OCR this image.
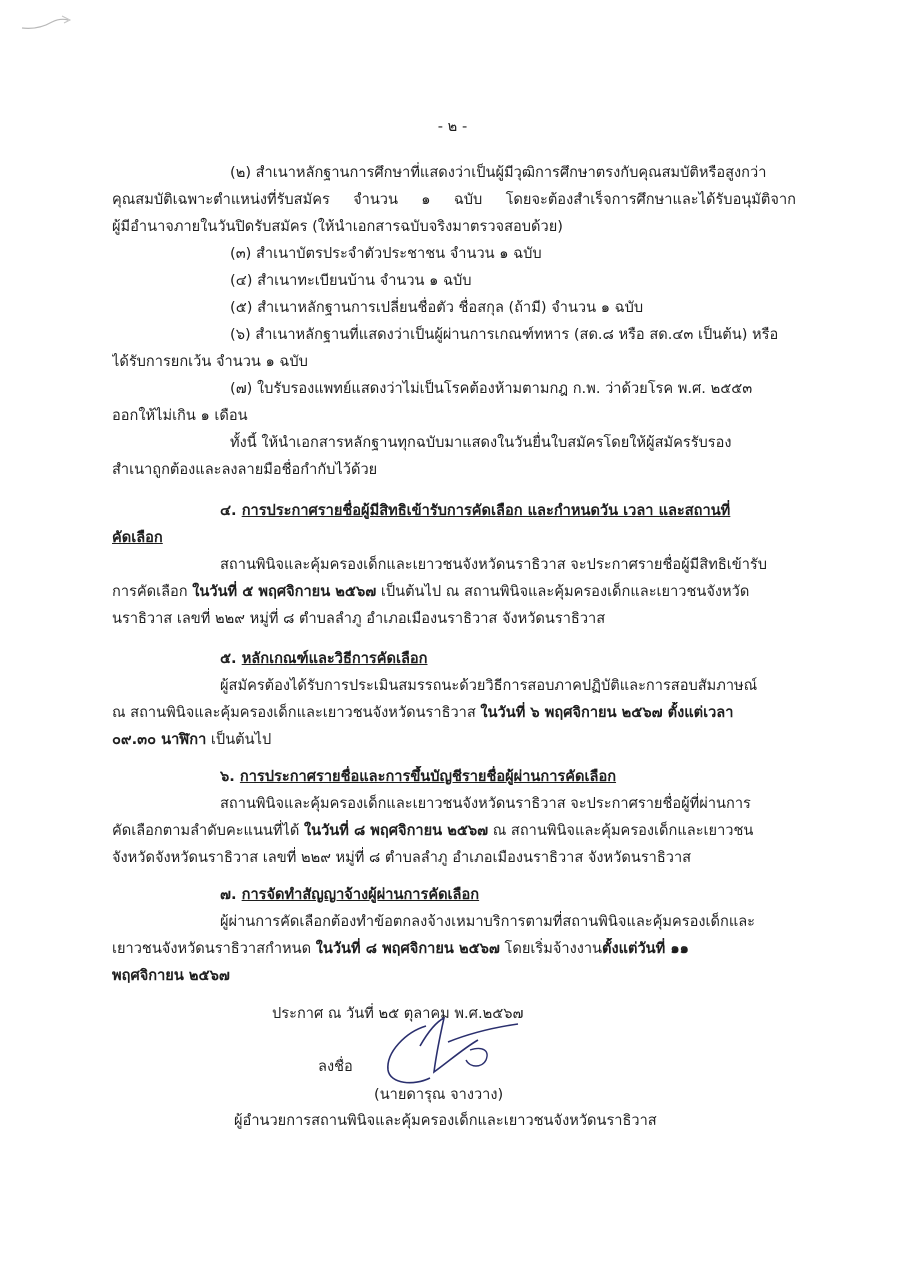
- ๒ -
(๒) สำเนาหลักฐานการศึกษาที่แสดงว่าเป็นผู้มีวุฒิการศึกษาตรงกับคุณสมบัติหรือสูงกว่า
คุณสมบัติเฉพาะตำแหน่งที่รับสมัคร จำนวน ๑ ฉบับ โดยจะต้องสำเร็จการศึกษาและได้รับอนุมัติจาก
ผู้มีอำนาจภายในวันปิดรับสมัคร (ให้นำเอกสารฉบับจริงมาตรวจสอบด้วย)
(๓) สำเนาบัตรประจำตัวประชาชน จำนวน ๑ ฉบับ
(๔) สำเนาทะเบียนบ้าน จำนวน ๑ ฉบับ
(๕) สำเนาหลักฐานการเปลี่ยนชื่อตัว ชื่อสกุล (ถ้ามี) จำนวน ๑ ฉบับ
(๖) สำเนาหลักฐานที่แสดงว่าเป็นผู้ผ่านการเกณฑ์ทหาร (สด.๘ หรือ สด.๔๓ เป็นต้น) หรือ
ได้รับการยกเว้น จำนวน ๑ ฉบับ
(๗) ใบรับรองแพทย์แสดงว่าไม่เป็นโรคต้องห้ามตามกฎ ก.พ. ว่าด้วยโรค พ.ศ. ๒๕๕๓
ออกให้ไม่เกิน ๑ เดือน
ทั้งนี้ ให้นำเอกสารหลักฐานทุกฉบับมาแสดงในวันยื่นใบสมัครโดยให้ผู้สมัครรับรอง
สำเนาถูกต้องและลงลายมือชื่อกำกับไว้ด้วย
๔. การประกาศรายชื่อผู้มีสิทธิเข้ารับการคัดเลือก และกำหนดวัน เวลา และสถานที่
คัดเลือก
สถานพินิจและคุ้มครองเด็กและเยาวชนจังหวัดนราธิวาส จะประกาศรายชื่อผู้มีสิทธิเข้ารับ
การคัดเลือก ในวันที่ ๕ พฤศจิกายน ๒๕๖๗ เป็นต้นไป ณ สถานพินิจและคุ้มครองเด็กและเยาวชนจังหวัด
นราธิวาส เลขที่ ๒๒๙ หมู่ที่ ๘ ตำบลลำภู อำเภอเมืองนราธิวาส จังหวัดนราธิวาส
๕. หลักเกณฑ์และวิธีการคัดเลือก
ผู้สมัครต้องได้รับการประเมินสมรรถนะด้วยวิธีการสอบภาคปฏิบัติและการสอบสัมภาษณ์
ณ สถานพินิจและคุ้มครองเด็กและเยาวชนจังหวัดนราธิวาส ในวันที่ ๖ พฤศจิกายน ๒๕๖๗ ตั้งแต่เวลา
๐๙.๓๐ นาฬิกา เป็นต้นไป
๖. การประกาศรายชื่อและการขึ้นบัญชีรายชื่อผู้ผ่านการคัดเลือก
สถานพินิจและคุ้มครองเด็กและเยาวชนจังหวัดนราธิวาส จะประกาศรายชื่อผู้ที่ผ่านการ
คัดเลือกตามลำดับคะแนนที่ได้ ในวันที่ ๘ พฤศจิกายน ๒๕๖๗ ณ สถานพินิจและคุ้มครองเด็กและเยาวชน
จังหวัดจังหวัดนราธิวาส เลขที่ ๒๒๙ หมู่ที่ ๘ ตำบลลำภู อำเภอเมืองนราธิวาส จังหวัดนราธิวาส
๗. การจัดทำสัญญาจ้างผู้ผ่านการคัดเลือก
ผู้ผ่านการคัดเลือกต้องทำข้อตกลงจ้างเหมาบริการตามที่สถานพินิจและคุ้มครองเด็กและ
เยาวชนจังหวัดนราธิวาสกำหนด ในวันที่ ๘ พฤศจิกายน ๒๕๖๗ โดยเริ่มจ้างงานตั้งแต่วันที่ ๑๑
พฤศจิกายน ๒๕๖๗
ประกาศ ณ วันที่ ๒๕ ตุลาคม พ.ศ.๒๕๖๗
ลงชื่อ
(นายดารุณ จางวาง)
ผู้อำนวยการสถานพินิจและคุ้มครองเด็กและเยาวชนจังหวัดนราธิวาส
